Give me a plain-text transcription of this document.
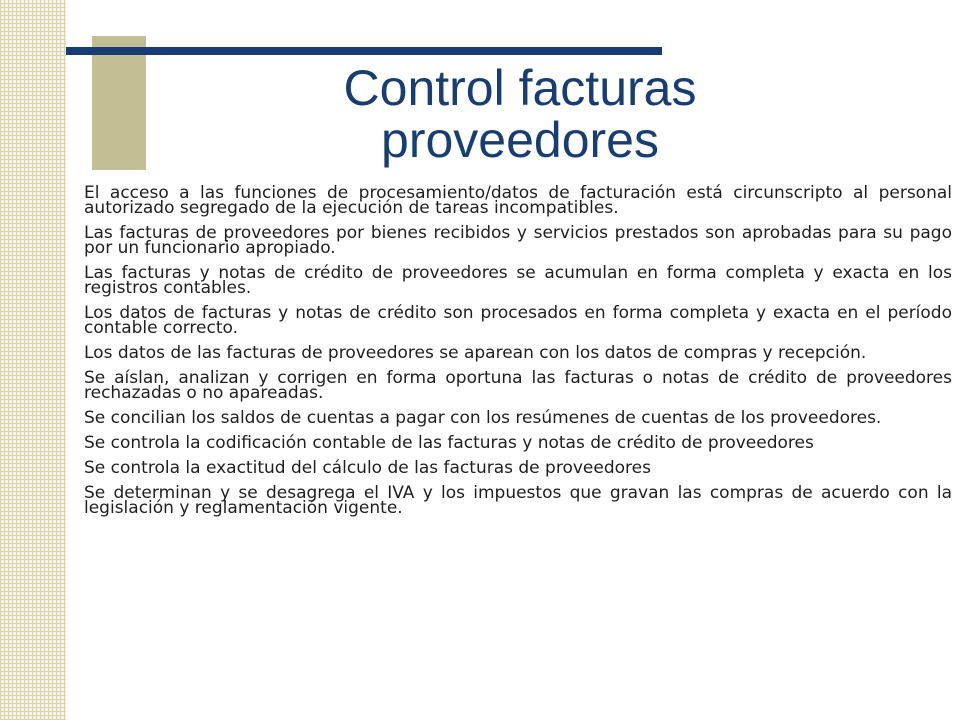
Control facturas
proveedores
El acceso a las funciones de procesamiento/datos de facturación está circunscripto al personal autorizado segregado de la ejecución de tareas incompatibles.
Las facturas de proveedores por bienes recibidos y servicios prestados son aprobadas para su pago por un funcionario apropiado.
Las facturas y notas de crédito de proveedores se acumulan en forma completa y exacta en los registros contables.
Los datos de facturas y notas de crédito son procesados en forma completa y exacta en el período contable correcto.
Los datos de las facturas de proveedores se aparean con los datos de compras y recepción.
Se aíslan, analizan y corrigen en forma oportuna las facturas o notas de crédito de proveedores rechazadas o no apareadas.
Se concilian los saldos de cuentas a pagar con los resúmenes de cuentas de los proveedores.
Se controla la codificación contable de las facturas y notas de crédito de proveedores
Se controla la exactitud del cálculo de las facturas de proveedores
Se determinan y se desagrega el IVA y los impuestos que gravan las compras de acuerdo con la legislación y reglamentación vigente.
